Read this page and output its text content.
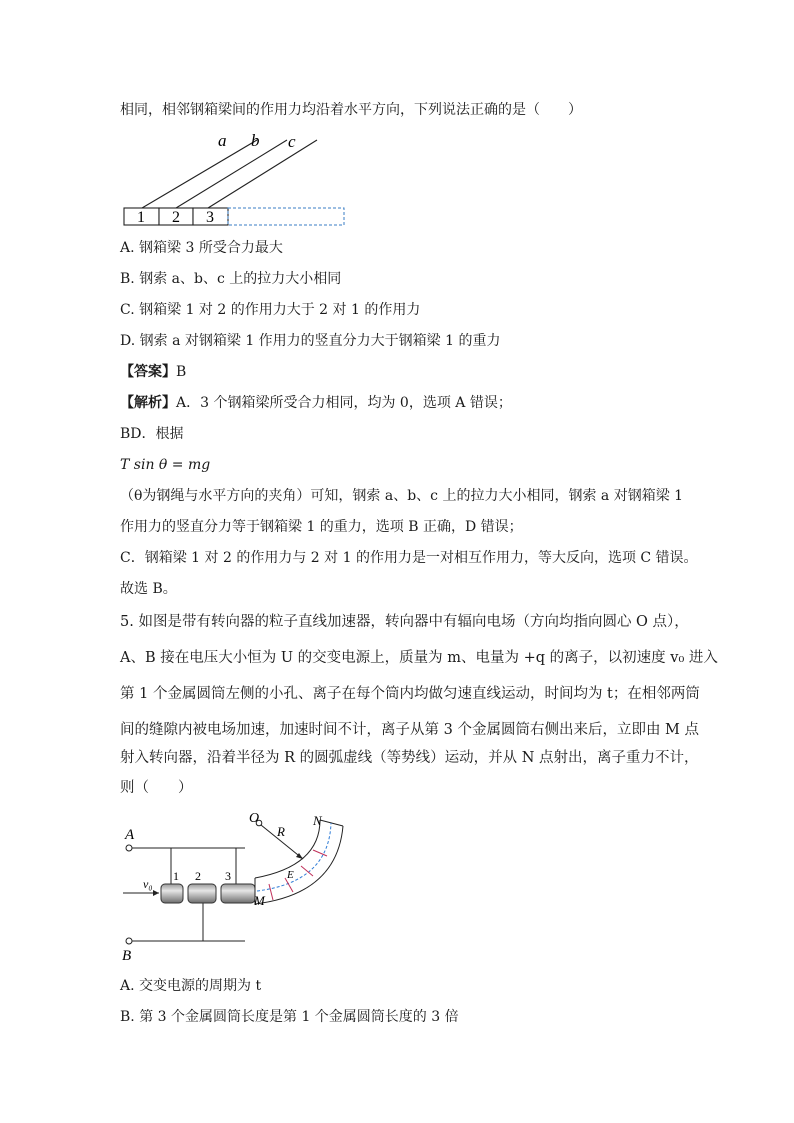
相同，相邻钢箱梁间的作用力均沿着水平方向，下列说法正确的是（　　）
a b c
1 2 3
A. 钢箱梁 3 所受合力最大
B. 钢索 a、b、c 上的拉力大小相同
C. 钢箱梁 1 对 2 的作用力大于 2 对 1 的作用力
D. 钢索 a 对钢箱梁 1 作用力的竖直分力大于钢箱梁 1 的重力
【答案】B
【解析】A．3 个钢箱梁所受合力相同，均为 0，选项 A 错误；
BD．根据
T sin θ = mg
（θ为钢绳与水平方向的夹角）可知，钢索 a、b、c 上的拉力大小相同，钢索 a 对钢箱梁 1
作用力的竖直分力等于钢箱梁 1 的重力，选项 B 正确，D 错误；
C．钢箱梁 1 对 2 的作用力与 2 对 1 的作用力是一对相互作用力，等大反向，选项 C 错误。
故选 B。
5. 如图是带有转向器的粒子直线加速器，转向器中有辐向电场（方向均指向圆心 O 点），
A、B 接在电压大小恒为 U 的交变电源上，质量为 m、电量为 +q 的离子，以初速度 v₀ 进入
第 1 个金属圆筒左侧的小孔、离子在每个筒内均做匀速直线运动，时间均为 t；在相邻两筒
间的缝隙内被电场加速，加速时间不计，离子从第 3 个金属圆筒右侧出来后，立即由 M 点
射入转向器，沿着半径为 R 的圆弧虚线（等势线）运动，并从 N 点射出，离子重力不计，
则（　　）
A
B
v₀
1 2 3
O
R
N
M
E
A. 交变电源的周期为 t
B. 第 3 个金属圆筒长度是第 1 个金属圆筒长度的 3 倍
